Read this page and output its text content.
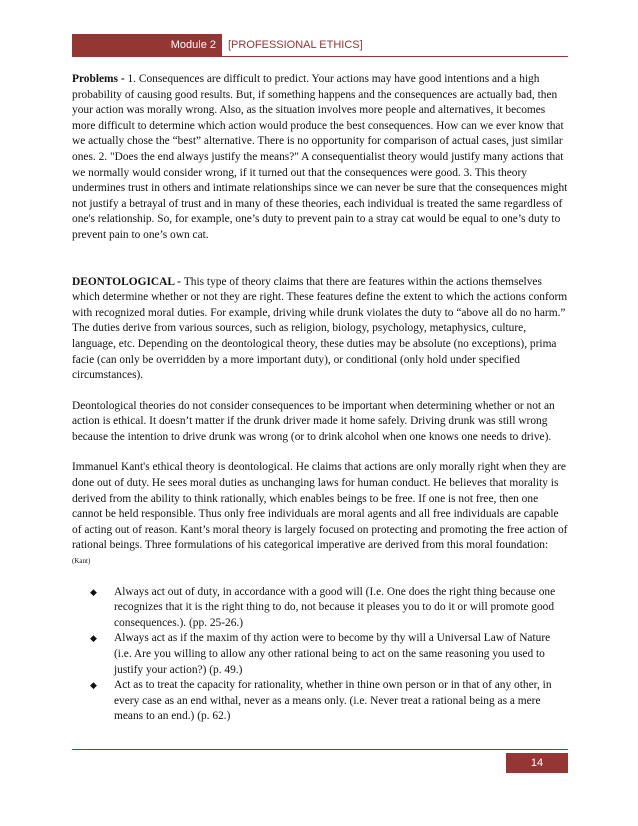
Module 2	[PROFESSIONAL ETHICS]

Problems - 1. Consequences are difficult to predict. Your actions may have good intentions and a high probability of causing good results. But, if something happens and the consequences are actually bad, then your action was morally wrong. Also, as the situation involves more people and alternatives, it becomes more difficult to determine which action would produce the best consequences. How can we ever know that we actually chose the “best” alternative. There is no opportunity for comparison of actual cases, just similar ones. 2. "Does the end always justify the means?" A consequentialist theory would justify many actions that we normally would consider wrong, if it turned out that the consequences were good. 3. This theory undermines trust in others and intimate relationships since we can never be sure that the consequences might not justify a betrayal of trust and in many of these theories, each individual is treated the same regardless of one's relationship. So, for example, one’s duty to prevent pain to a stray cat would be equal to one’s duty to prevent pain to one’s own cat.

DEONTOLOGICAL - This type of theory claims that there are features within the actions themselves which determine whether or not they are right. These features define the extent to which the actions conform with recognized moral duties. For example, driving while drunk violates the duty to “above all do no harm.” The duties derive from various sources, such as religion, biology, psychology, metaphysics, culture, language, etc. Depending on the deontological theory, these duties may be absolute (no exceptions), prima facie (can only be overridden by a more important duty), or conditional (only hold under specified circumstances).

Deontological theories do not consider consequences to be important when determining whether or not an action is ethical. It doesn’t matter if the drunk driver made it home safely. Driving drunk was still wrong because the intention to drive drunk was wrong (or to drink alcohol when one knows one needs to drive).

Immanuel Kant's ethical theory is deontological. He claims that actions are only morally right when they are done out of duty. He sees moral duties as unchanging laws for human conduct. He believes that morality is derived from the ability to think rationally, which enables beings to be free. If one is not free, then one cannot be held responsible. Thus only free individuals are moral agents and all free individuals are capable of acting out of reason. Kant’s moral theory is largely focused on protecting and promoting the free action of rational beings. Three formulations of his categorical imperative are derived from this moral foundation: $^{(Kant)}$

◆ Always act out of duty, in accordance with a good will (I.e. One does the right thing because one recognizes that it is the right thing to do, not because it pleases you to do it or will promote good consequences.). (pp. 25-26.)
◆ Always act as if the maxim of thy action were to become by thy will a Universal Law of Nature (i.e. Are you willing to allow any other rational being to act on the same reasoning you used to justify your action?) (p. 49.)
◆ Act as to treat the capacity for rationality, whether in thine own person or in that of any other, in every case as an end withal, never as a means only. (i.e. Never treat a rational being as a mere means to an end.) (p. 62.)
14
